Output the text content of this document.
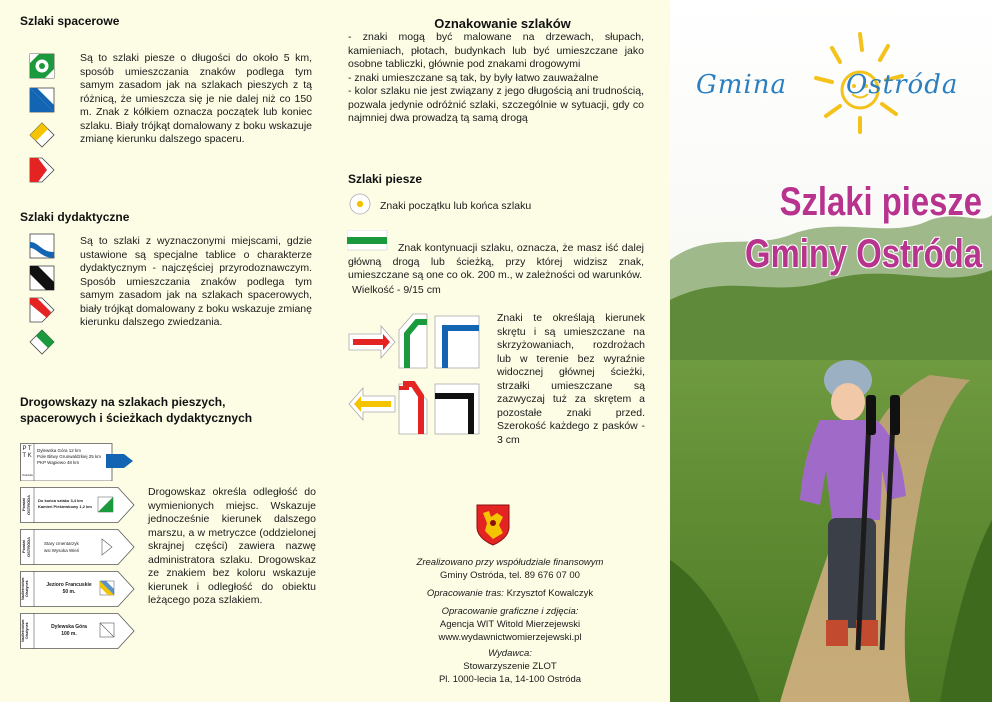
Szlaki spacerowe

Są to szlaki piesze o długości do około 5 km, sposób umieszczania znaków podlega tym samym zasadom jak na szlakach pieszych z tą różnicą, że umieszcza się je nie dalej niż co 150 m. Znak z kółkiem oznacza początek lub koniec szlaku. Biały trójkąt domalowany z boku wskazuje zmianę kierunku dalszego spaceru.

Szlaki dydaktyczne

Są to szlaki z wyznaczonymi miejscami, gdzie ustawione są specjalne tablice o charakterze dydaktycznym - najczęściej przyrodoznawczym. Sposób umieszczania znaków podlega tym samym zasadom jak na szlakach spacerowych, biały trójkąt domalowany z boku wskazuje zmianę kierunku dalszego zwiedzania.

Drogowskazy na szlakach pieszych,
spacerowych i ścieżkach dydaktycznych
P T T K
Ostróda
Dylewska Góra 12 km
Pole Bitwy Grunwaldzkiej 25 km
PKP Wąpiewo 48 km
Powiat OSTRÓDA	Do końca szlaku 3,4 km
Kamień Piekiewkowy 1,2 km
Powiat OSTRÓDA	Stary cmentarzyk
wsi Wysoka Wieś
Nadleśnictwo Olsztynek	Jezioro Francuskie
50 m.
Nadleśnictwo Olsztynek	Dylewska Góra
100 m.

Drogowskaz określa odległość do wymienionych miejsc. Wskazuje jednocześnie kierunek dalszego marszu, a w metryczce (oddzielonej skrajnej części) zawiera nazwę administratora szlaku. Drogowskaz ze znakiem bez koloru wskazuje kierunek i odległość do obiektu leżącego poza szlakiem.

Oznakowanie szlaków

- znaki mogą być malowane na drzewach, słupach, kamieniach, płotach, budynkach lub być umieszczane jako osobne tabliczki, głównie pod znakami drogowymi

- znaki umieszczane są tak, by były łatwo zauważalne

- kolor szlaku nie jest związany z jego długością ani trudnością, pozwala jedynie odróżnić szlaki, szczególnie w sytuacji, gdy co najmniej dwa prowadzą tą samą drogą

Szlaki piesze

Znaki początku lub końca szlaku

Znak kontynuacji szlaku, oznacza, że masz iść dalej główną drogą lub ścieżką, przy której widzisz znak, umieszczane są one co ok. 200 m., w zależności od warunków.

Wielkość - 9/15 cm

Znaki te określają kierunek skrętu i są umieszczane na skrzyżowaniach, rozdrożach lub w terenie bez wyraźnie widocznej głównej ścieżki, strzałki umieszczane są zazwyczaj tuż za skrętem a pozostałe znaki przed. Szerokość każdego z pasków - 3 cm

Zrealizowano przy współudziale finansowym
Gminy Ostróda, tel. 89 676 07 00
Opracowanie tras: Krzysztof Kowalczyk
Opracowanie graficzne i zdjęcia:
Agencja WIT Witold Mierzejewski
www.wydawnictwomierzejewski.pl
Wydawca:
Stowarzyszenie ZLOT
Pl. 1000-lecia 1a, 14-100 Ostróda
Gmina Ostróda
Szlaki piesze
Gminy Ostróda
